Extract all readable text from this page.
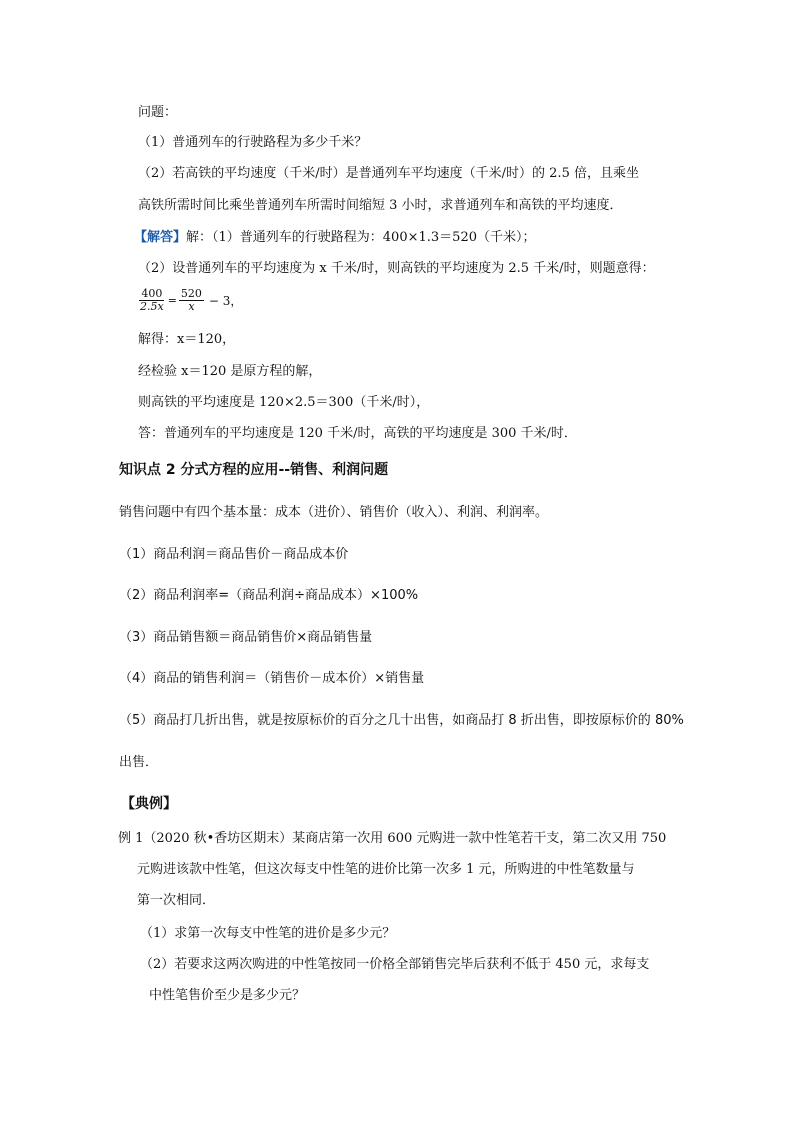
问题：
（1）普通列车的行驶路程为多少千米？
（2）若高铁的平均速度（千米/时）是普通列车平均速度（千米/时）的 2.5 倍，且乘坐
高铁所需时间比乘坐普通列车所需时间缩短 3 小时，求普通列车和高铁的平均速度．
【解答】解：（1）普通列车的行驶路程为：400×1.3＝520（千米）；
（2）设普通列车的平均速度为 x 千米/时，则高铁的平均速度为 2.5 千米/时，则题意得：
$\frac{400}{2.5x} = \frac{520}{x} - 3$，
解得：x＝120，
经检验 x＝120 是原方程的解，
则高铁的平均速度是 120×2.5＝300（千米/时），
答：普通列车的平均速度是 120 千米/时，高铁的平均速度是 300 千米/时．
知识点 2 分式方程的应用--销售、利润问题
销售问题中有四个基本量：成本（进价）、销售价（收入）、利润、利润率。
（1）商品利润＝商品售价－商品成本价
（2）商品利润率=（商品利润÷商品成本）×100%
（3）商品销售额＝商品销售价×商品销售量
（4）商品的销售利润＝（销售价－成本价）×销售量
（5）商品打几折出售，就是按原标价的百分之几十出售，如商品打 8 折出售，即按原标价的 80%
出售．
【典例】
例 1（2020 秋•香坊区期末）某商店第一次用 600 元购进一款中性笔若干支，第二次又用 750
元购进该款中性笔，但这次每支中性笔的进价比第一次多 1 元，所购进的中性笔数量与
第一次相同．
（1）求第一次每支中性笔的进价是多少元？
（2）若要求这两次购进的中性笔按同一价格全部销售完毕后获利不低于 450 元，求每支
中性笔售价至少是多少元？
